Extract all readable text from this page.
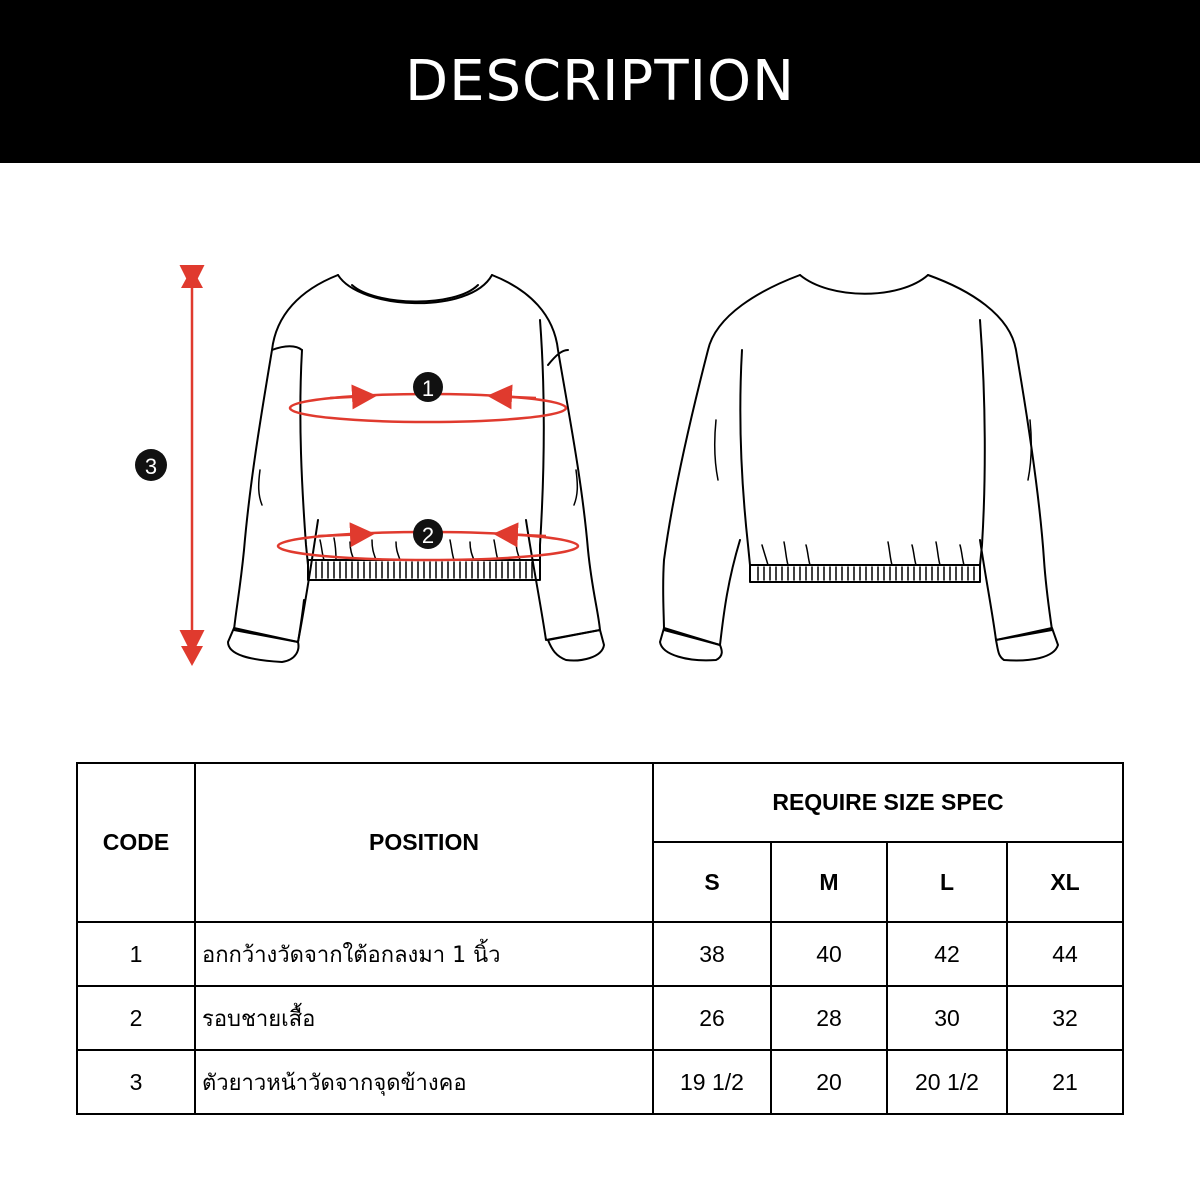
DESCRIPTION
1
2
3
CODE	POSITION	REQUIRE SIZE SPEC			
		S	M	L	XL
1	อกกว้างวัดจากใต้อกลงมา 1 นิ้ว	38	40	42	44
2	รอบชายเสื้อ	26	28	30	32
3	ตัวยาวหน้าวัดจากจุดข้างคอ	19 1/2	20	20 1/2	21
